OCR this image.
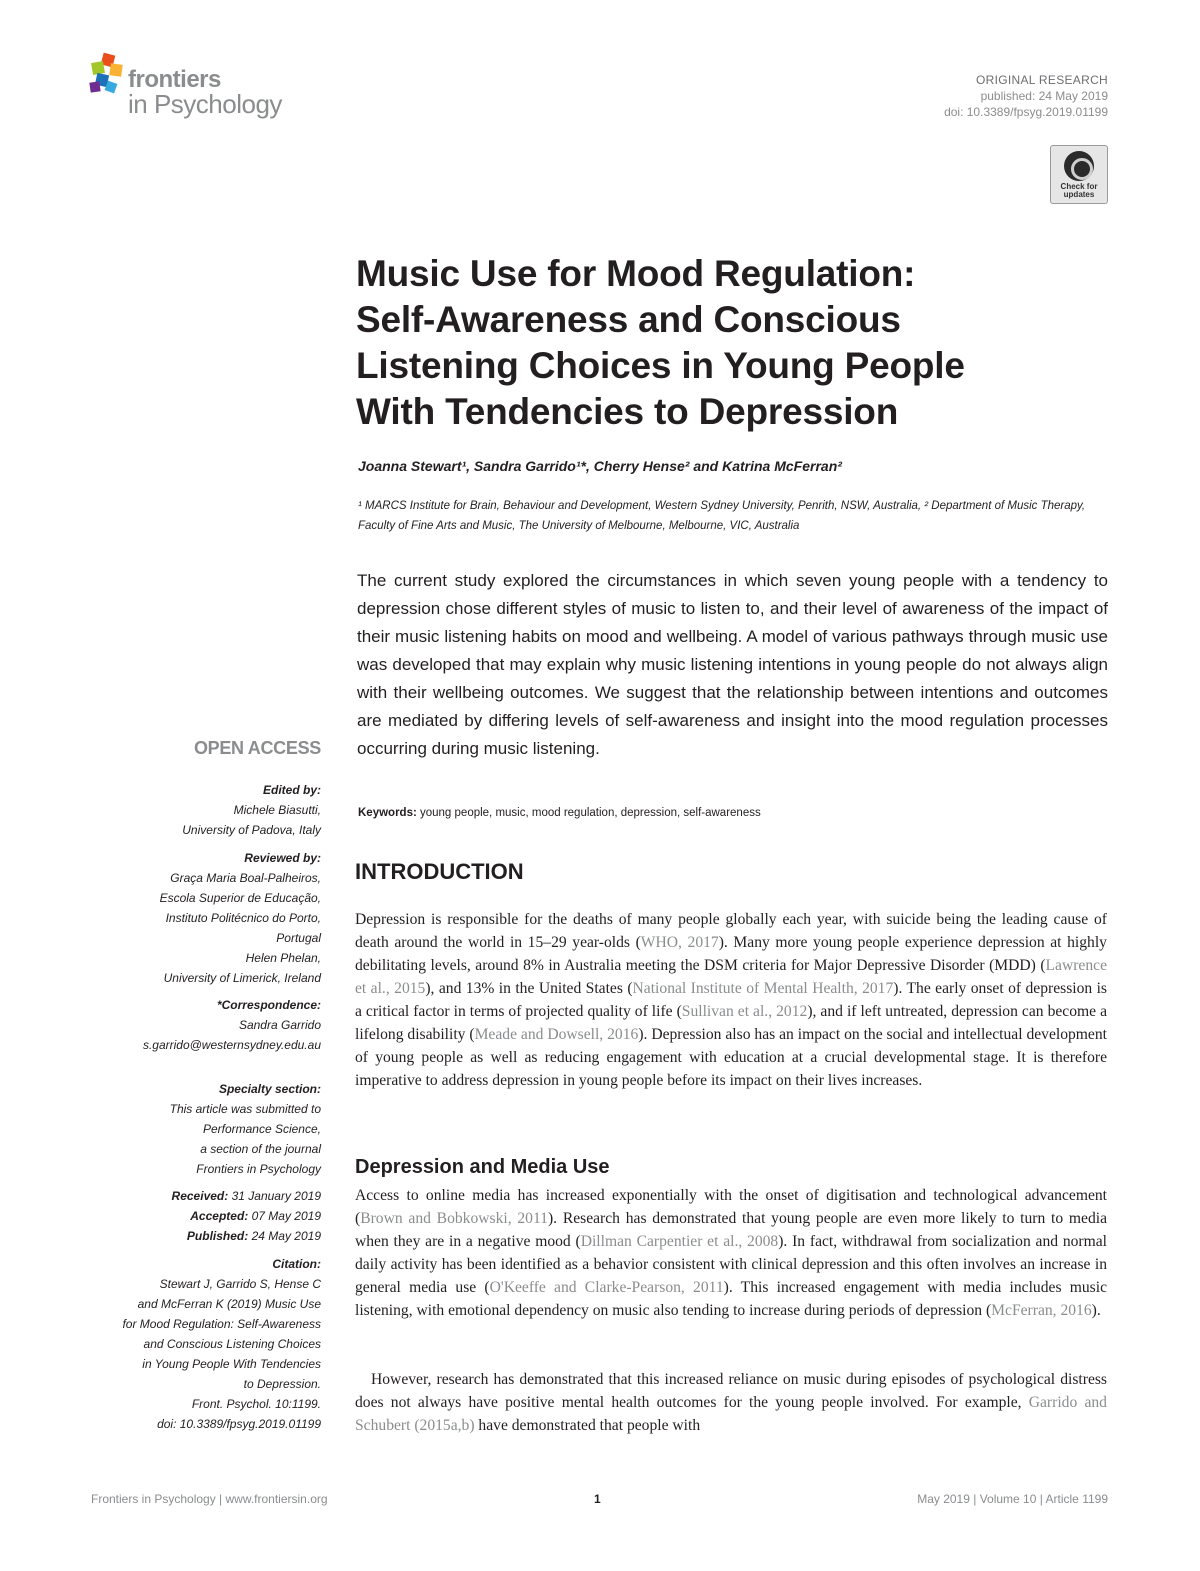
frontiers
in Psychology
ORIGINAL RESEARCH
published: 24 May 2019
doi: 10.3389/fpsyg.2019.01199
Check for updates
Music Use for Mood Regulation:
Self-Awareness and Conscious
Listening Choices in Young People
With Tendencies to Depression
Joanna Stewart¹, Sandra Garrido¹*, Cherry Hense² and Katrina McFerran²
¹ MARCS Institute for Brain, Behaviour and Development, Western Sydney University, Penrith, NSW, Australia, ² Department of Music Therapy, Faculty of Fine Arts and Music, The University of Melbourne, Melbourne, VIC, Australia
The current study explored the circumstances in which seven young people with a tendency to depression chose different styles of music to listen to, and their level of awareness of the impact of their music listening habits on mood and wellbeing. A model of various pathways through music use was developed that may explain why music listening intentions in young people do not always align with their wellbeing outcomes. We suggest that the relationship between intentions and outcomes are mediated by differing levels of self-awareness and insight into the mood regulation processes occurring during music listening.
Keywords: young people, music, mood regulation, depression, self-awareness
OPEN ACCESS
Edited by:
Michele Biasutti,
University of Padova, Italy
Reviewed by:
Graça Maria Boal-Palheiros,
Escola Superior de Educação,
Instituto Politécnico do Porto,
Portugal
Helen Phelan,
University of Limerick, Ireland
*Correspondence:
Sandra Garrido
s.garrido@westernsydney.edu.au
Specialty section:
This article was submitted to
Performance Science,
a section of the journal
Frontiers in Psychology
Received: 31 January 2019
Accepted: 07 May 2019
Published: 24 May 2019
Citation:
Stewart J, Garrido S, Hense C
and McFerran K (2019) Music Use
for Mood Regulation: Self-Awareness
and Conscious Listening Choices
in Young People With Tendencies
to Depression.
Front. Psychol. 10:1199.
doi: 10.3389/fpsyg.2019.01199
INTRODUCTION
Depression is responsible for the deaths of many people globally each year, with suicide being the leading cause of death around the world in 15–29 year-olds (WHO, 2017). Many more young people experience depression at highly debilitating levels, around 8% in Australia meeting the DSM criteria for Major Depressive Disorder (MDD) (Lawrence et al., 2015), and 13% in the United States (National Institute of Mental Health, 2017). The early onset of depression is a critical factor in terms of projected quality of life (Sullivan et al., 2012), and if left untreated, depression can become a lifelong disability (Meade and Dowsell, 2016). Depression also has an impact on the social and intellectual development of young people as well as reducing engagement with education at a crucial developmental stage. It is therefore imperative to address depression in young people before its impact on their lives increases.
Depression and Media Use
Access to online media has increased exponentially with the onset of digitisation and technological advancement (Brown and Bobkowski, 2011). Research has demonstrated that young people are even more likely to turn to media when they are in a negative mood (Dillman Carpentier et al., 2008). In fact, withdrawal from socialization and normal daily activity has been identified as a behavior consistent with clinical depression and this often involves an increase in general media use (O'Keeffe and Clarke-Pearson, 2011). This increased engagement with media includes music listening, with emotional dependency on music also tending to increase during periods of depression (McFerran, 2016).
However, research has demonstrated that this increased reliance on music during episodes of psychological distress does not always have positive mental health outcomes for the young people involved. For example, Garrido and Schubert (2015a,b) have demonstrated that people with
Frontiers in Psychology | www.frontiersin.org	1	May 2019 | Volume 10 | Article 1199
